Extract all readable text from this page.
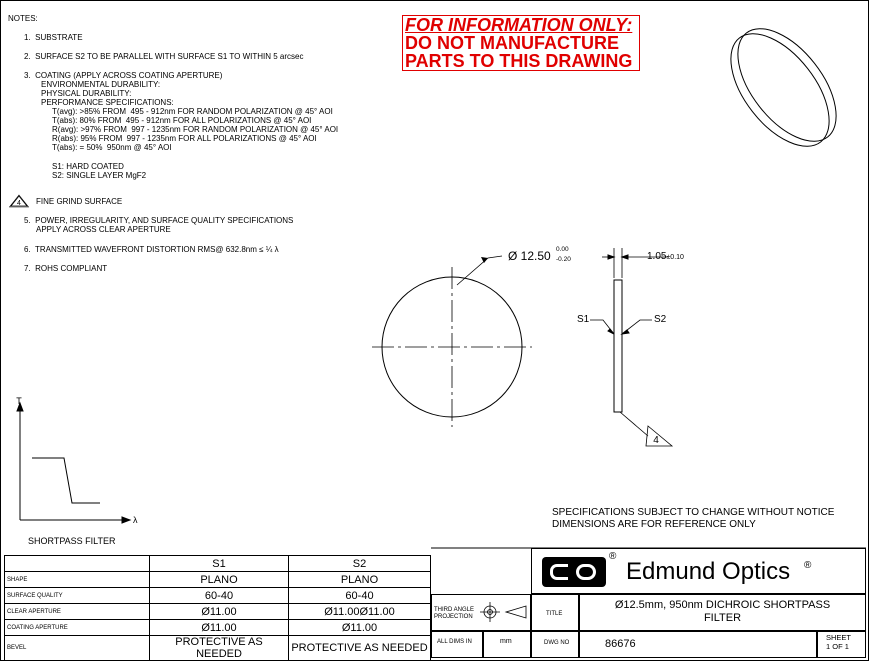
NOTES:
1.  SUBSTRATE
2.  SURFACE S2 TO BE PARALLEL WITH SURFACE S1 TO WITHIN 5 arcsec
3.  COATING (APPLY ACROSS COATING APERTURE)
ENVIRONMENTAL DURABILITY:
PHYSICAL DURABILITY:
PERFORMANCE SPECIFICATIONS:
T(avg): >85% FROM  495 - 912nm FOR RANDOM POLARIZATION @ 45° AOI
T(abs): 80% FROM  495 - 912nm FOR ALL POLARIZATIONS @ 45° AOI
R(avg): >97% FROM  997 - 1235nm FOR RANDOM POLARIZATION @ 45° AOI
R(abs): 95% FROM  997 - 1235nm FOR ALL POLARIZATIONS @ 45° AOI
T(abs): = 50%  950nm @ 45° AOI
S1: HARD COATED
S2: SINGLE LAYER MgF2
FINE GRIND SURFACE
5.  POWER, IRREGULARITY, AND SURFACE QUALITY SPECIFICATIONS
APPLY ACROSS CLEAR APERTURE
6.  TRANSMITTED WAVEFRONT DISTORTION RMS@ 632.8nm ≤ ¼ λ
7.  ROHS COMPLIANT
FOR INFORMATION ONLY:
DO NOT MANUFACTURE
PARTS TO THIS DRAWING
4
4
T
λ
Ø 12.50 0.00
-0.20	1.05±0.10
S1	S2
SHORTPASS FILTER
SPECIFICATIONS SUBJECT TO CHANGE WITHOUT NOTICE
DIMENSIONS ARE FOR REFERENCE ONLY
	S1	S2
SHAPE	PLANO	PLANO
SURFACE QUALITY	60-40	60-40
CLEAR APERTURE	Ø11.00	Ø11.00Ø11.00
COATING APERTURE	Ø11.00	Ø11.00
BEVEL	PROTECTIVE AS NEEDED	PROTECTIVE AS NEEDED
®
Edmund Optics ®
THIRD ANGLE
PROJECTION	TITLE
Ø12.5mm, 950nm DICHROIC SHORTPASS
FILTER
ALL DIMS IN	mm	DWG NO	86676
SHEET
1 OF 1
